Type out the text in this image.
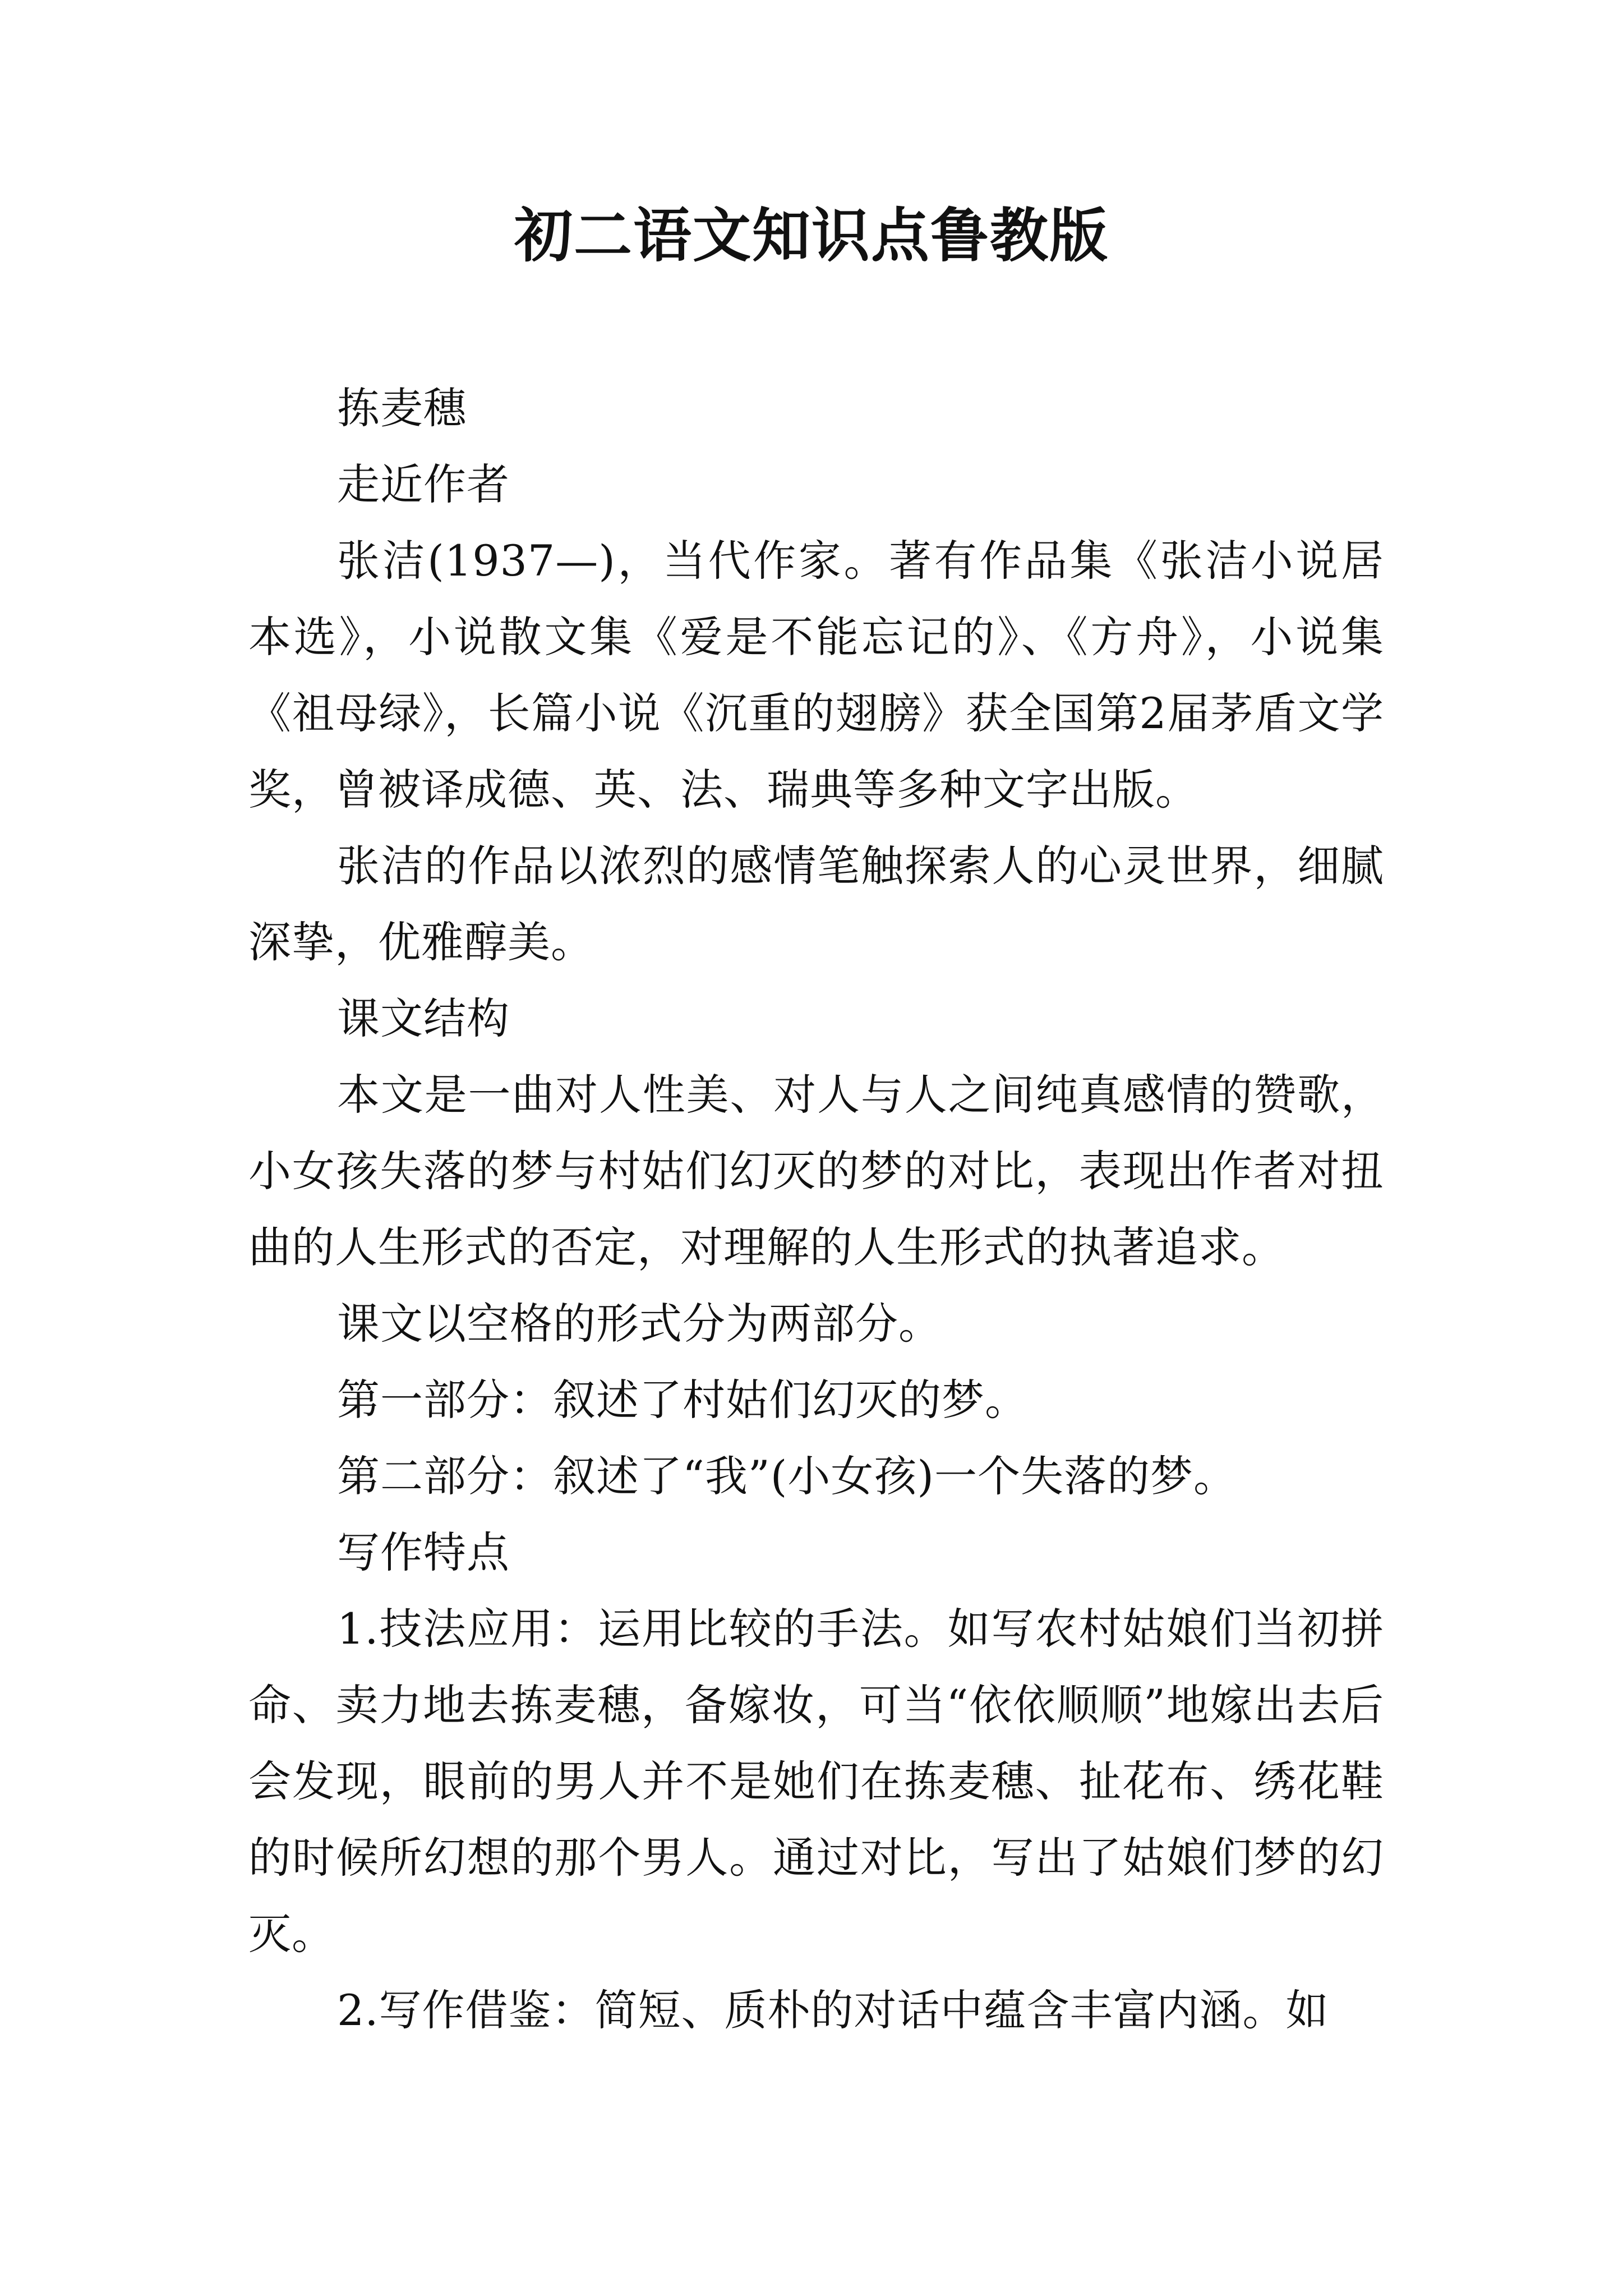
初二语文知识点鲁教版

拣麦穗

走近作者

张洁(1937—)，当代作家。著有作品集《张洁小说居本选》，小说散文集《爱是不能忘记的》、《方舟》，小说集《祖母绿》，长篇小说《沉重的翅膀》获全国第2届茅盾文学奖，曾被译成德、英、法、瑞典等多种文字出版。

张洁的作品以浓烈的感情笔触探索人的心灵世界，细腻深挚，优雅醇美。

课文结构

本文是一曲对人性美、对人与人之间纯真感情的赞歌，小女孩失落的梦与村姑们幻灭的梦的对比，表现出作者对扭曲的人生形式的否定，对理解的人生形式的执著追求。

课文以空格的形式分为两部分。

第一部分：叙述了村姑们幻灭的梦。

第二部分：叙述了“我”(小女孩)一个失落的梦。

写作特点

1.技法应用：运用比较的手法。如写农村姑娘们当初拼命、卖力地去拣麦穗，备嫁妆，可当“依依顺顺”地嫁出去后会发现，眼前的男人并不是她们在拣麦穗、扯花布、绣花鞋的时候所幻想的那个男人。通过对比，写出了姑娘们梦的幻灭。

2.写作借鉴：简短、质朴的对话中蕴含丰富内涵。如
